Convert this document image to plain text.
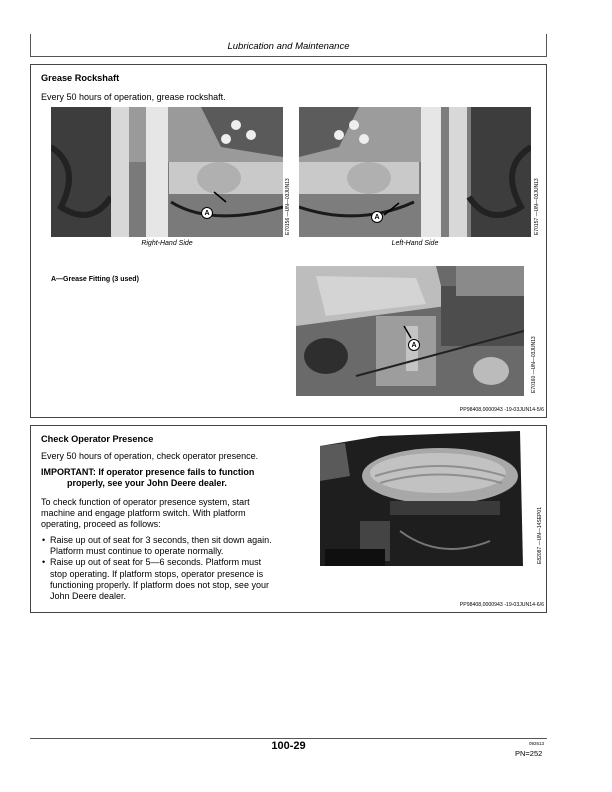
Lubrication and Maintenance
Grease Rockshaft
Every 50 hours of operation, grease rockshaft.
A	E70156 —UN—03JUN13
Right-Hand Side
A	E70157 —UN—03JUN13
Left-Hand Side
A—Grease Fitting (3 used)
A	E70160 —UN—03JUN13
PP98408,0000943 -19-03JUN14-5/6
Check Operator Presence
Every 50 hours of operation, check operator presence.
IMPORTANT: If operator presence fails to function
properly, see your John Deere dealer.
To check function of operator presence system, start
machine and engage platform switch. With platform
operating, proceed as follows:
• Raise up out of seat for 3 seconds, then sit down again.
Platform must continue to operate normally.
• Raise up out of seat for 5—6 seconds. Platform must
stop operating. If platform stops, operator presence is
functioning properly. If platform does not stop, see your
John Deere dealer.
E82087 —UN—14SEP01
PP98408,0000943 -19-03JUN14-6/6
100-29	092613
PN=252
